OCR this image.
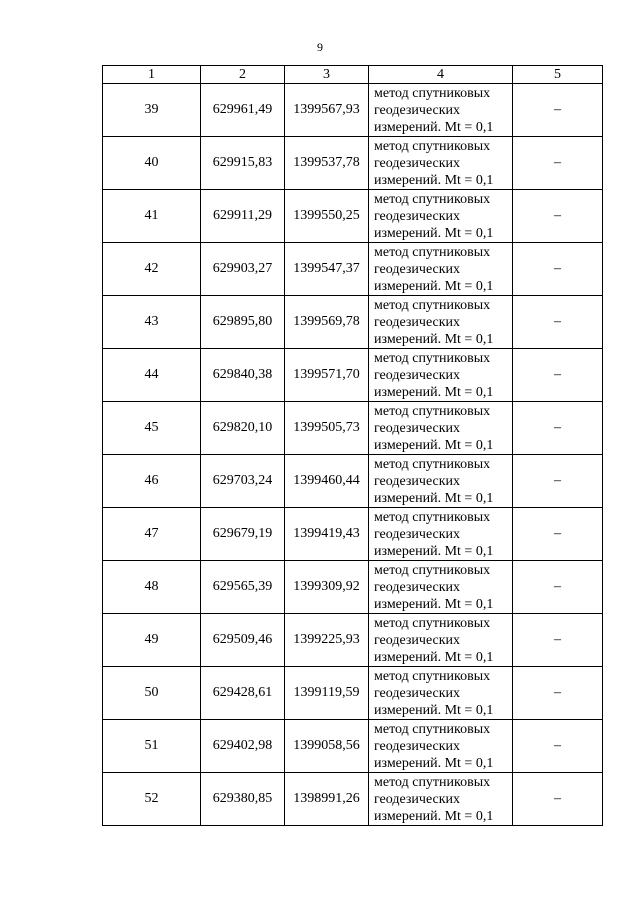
9
1	2	3	4	5
39	629961,49	1399567,93	метод спутниковых
геодезических
измерений. Mt = 0,1	–
40	629915,83	1399537,78	метод спутниковых
геодезических
измерений. Mt = 0,1	–
41	629911,29	1399550,25	метод спутниковых
геодезических
измерений. Mt = 0,1	–
42	629903,27	1399547,37	метод спутниковых
геодезических
измерений. Mt = 0,1	–
43	629895,80	1399569,78	метод спутниковых
геодезических
измерений. Mt = 0,1	–
44	629840,38	1399571,70	метод спутниковых
геодезических
измерений. Mt = 0,1	–
45	629820,10	1399505,73	метод спутниковых
геодезических
измерений. Mt = 0,1	–
46	629703,24	1399460,44	метод спутниковых
геодезических
измерений. Mt = 0,1	–
47	629679,19	1399419,43	метод спутниковых
геодезических
измерений. Mt = 0,1	–
48	629565,39	1399309,92	метод спутниковых
геодезических
измерений. Mt = 0,1	–
49	629509,46	1399225,93	метод спутниковых
геодезических
измерений. Mt = 0,1	–
50	629428,61	1399119,59	метод спутниковых
геодезических
измерений. Mt = 0,1	–
51	629402,98	1399058,56	метод спутниковых
геодезических
измерений. Mt = 0,1	–
52	629380,85	1398991,26	метод спутниковых
геодезических
измерений. Mt = 0,1	–
